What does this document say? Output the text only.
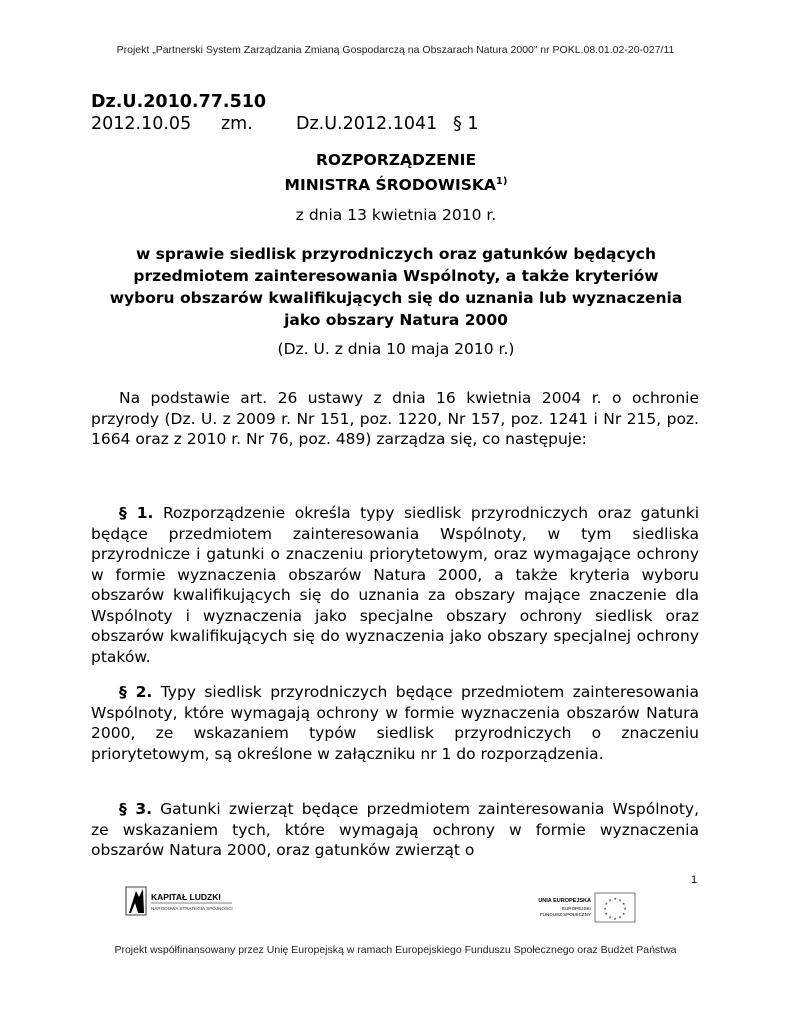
Projekt „Partnerski System Zarządzania Zmianą Gospodarczą na Obszarach Natura 2000” nr POKL.08.01.02-20-027/11
Dz.U.2010.77.510
2012.10.05 zm. Dz.U.2012.1041 § 1
ROZPORZĄDZENIE
MINISTRA ŚRODOWISKA$^{1)}$
z dnia 13 kwietnia 2010 r.
w sprawie siedlisk przyrodniczych oraz gatunków będących przedmiotem zainteresowania Wspólnoty, a także kryteriów wyboru obszarów kwalifikujących się do uznania lub wyznaczenia jako obszary Natura 2000
(Dz. U. z dnia 10 maja 2010 r.)
Na podstawie art. 26 ustawy z dnia 16 kwietnia 2004 r. o ochronie przyrody (Dz. U. z 2009 r. Nr 151, poz. 1220, Nr 157, poz. 1241 i Nr 215, poz. 1664 oraz z 2010 r. Nr 76, poz. 489) zarządza się, co następuje:
§ 1. Rozporządzenie określa typy siedlisk przyrodniczych oraz gatunki będące przedmiotem zainteresowania Wspólnoty, w tym siedliska przyrodnicze i gatunki o znaczeniu priorytetowym, oraz wymagające ochrony w formie wyznaczenia obszarów Natura 2000, a także kryteria wyboru obszarów kwalifikujących się do uznania za obszary mające znaczenie dla Wspólnoty i wyznaczenia jako specjalne obszary ochrony siedlisk oraz obszarów kwalifikujących się do wyznaczenia jako obszary specjalnej ochrony ptaków.
§ 2. Typy siedlisk przyrodniczych będące przedmiotem zainteresowania Wspólnoty, które wymagają ochrony w formie wyznaczenia obszarów Natura 2000, ze wskazaniem typów siedlisk przyrodniczych o znaczeniu priorytetowym, są określone w załączniku nr 1 do rozporządzenia.
§ 3. Gatunki zwierząt będące przedmiotem zainteresowania Wspólnoty, ze wskazaniem tych, które wymagają ochrony w formie wyznaczenia obszarów Natura 2000, oraz gatunków zwierząt o
1
KAPITAŁ LUDZKI
NARODOWA STRATEGIA SPÓJNOŚCI
UNIA EUROPEJSKA
EUROPEJSKI
FUNDUSZ SPOŁECZNY
★ ★
★
★
★
★
★
★
★
★
★
★
Projekt współfinansowany przez Unię Europejską w ramach Europejskiego Funduszu Społecznego oraz Budżet Państwa
